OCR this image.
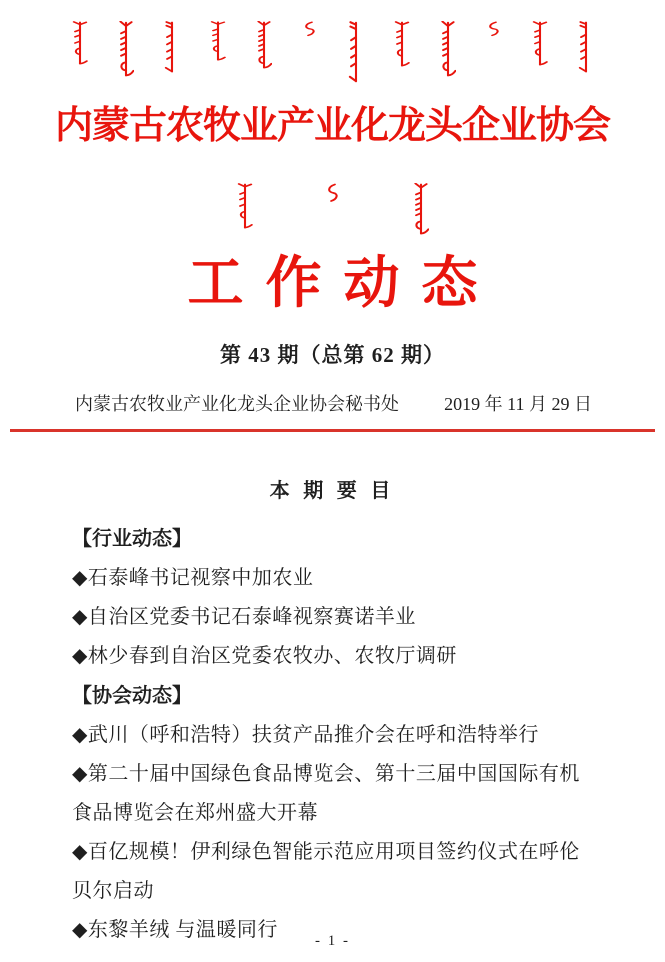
内蒙古农牧业产业化龙头企业协会
工作动态
第 43 期（总第 62 期）
内蒙古农牧业产业化龙头企业协会秘书处	2019 年 11 月 29 日
本 期 要 目
【行业动态】

◆石泰峰书记视察中加农业

◆自治区党委书记石泰峰视察赛诺羊业

◆林少春到自治区党委农牧办、农牧厅调研

【协会动态】

◆武川（呼和浩特）扶贫产品推介会在呼和浩特举行

◆第二十届中国绿色食品博览会、第十三届中国国际有机食品博览会在郑州盛大开幕

◆百亿规模！伊利绿色智能示范应用项目签约仪式在呼伦贝尔启动

◆东黎羊绒 与温暖同行	- 1 -
